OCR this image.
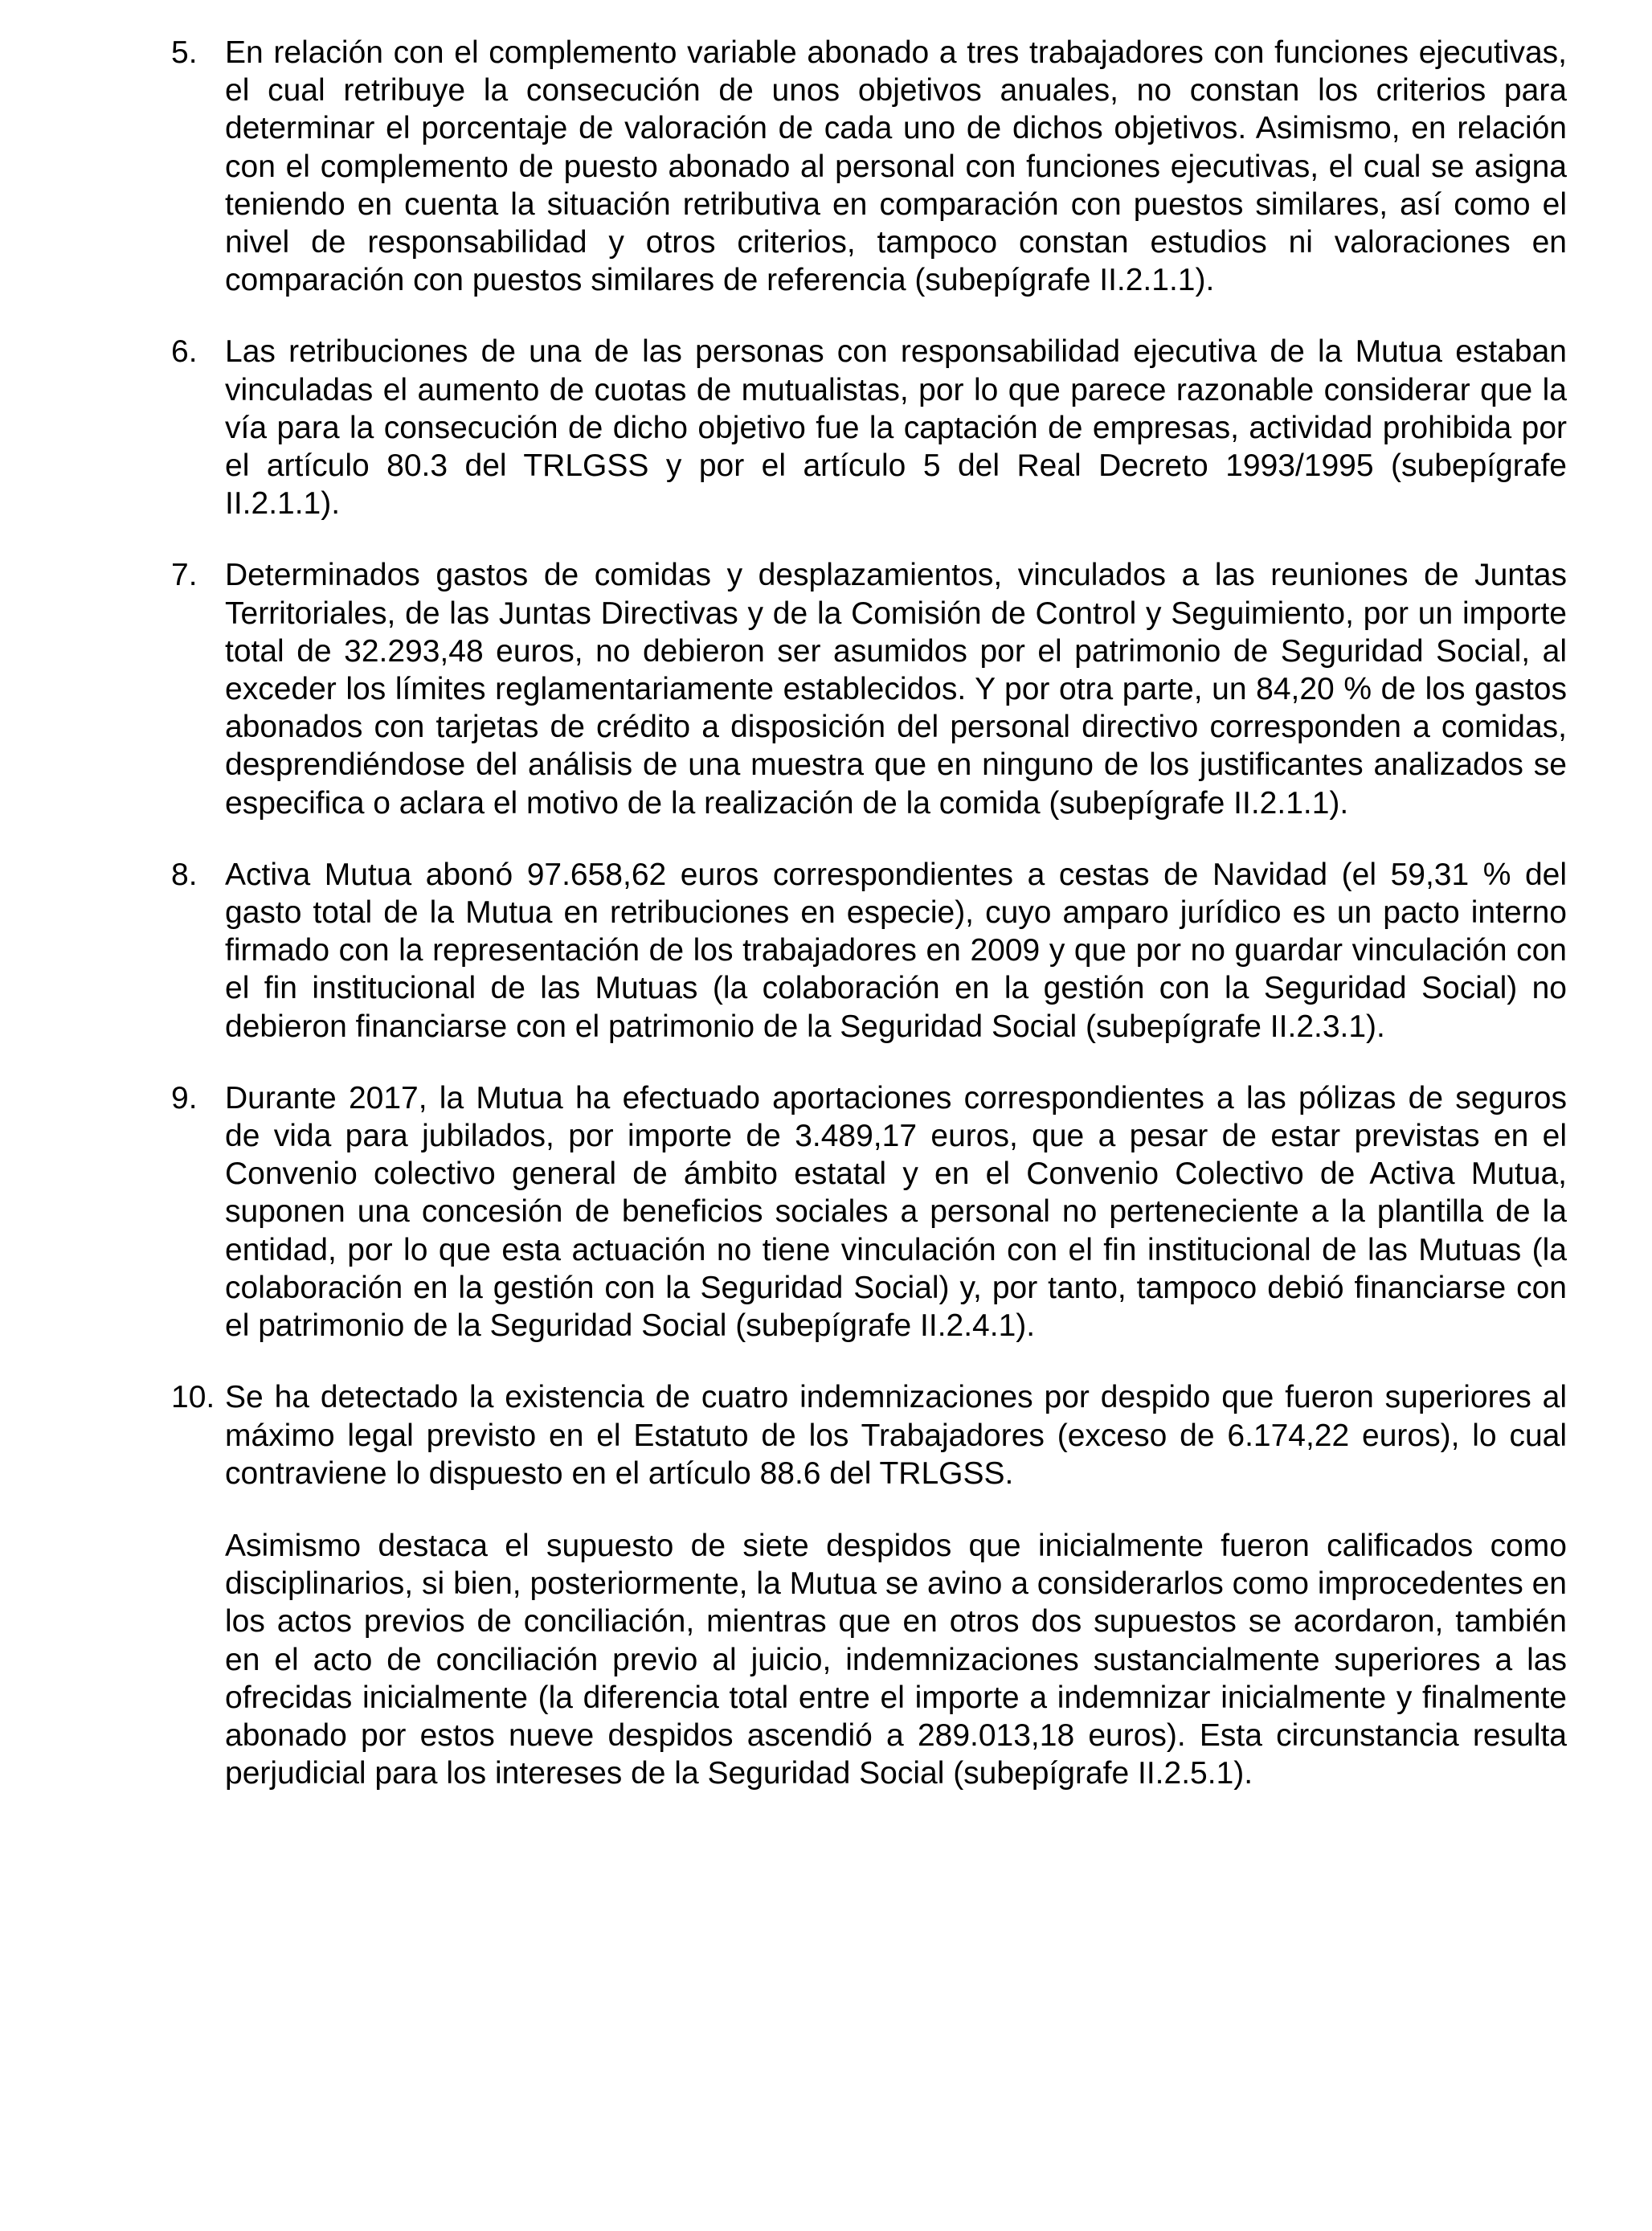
5. En relación con el complemento variable abonado a tres trabajadores con funciones ejecutivas, el cual retribuye la consecución de unos objetivos anuales, no constan los criterios para determinar el porcentaje de valoración de cada uno de dichos objetivos. Asimismo, en relación con el complemento de puesto abonado al personal con funciones ejecutivas, el cual se asigna teniendo en cuenta la situación retributiva en comparación con puestos similares, así como el nivel de responsabilidad y otros criterios, tampoco constan estudios ni valoraciones en comparación con puestos similares de referencia (subepígrafe II.2.1.1).
6. Las retribuciones de una de las personas con responsabilidad ejecutiva de la Mutua estaban vinculadas el aumento de cuotas de mutualistas, por lo que parece razonable considerar que la vía para la consecución de dicho objetivo fue la captación de empresas, actividad prohibida por el artículo 80.3 del TRLGSS y por el artículo 5 del Real Decreto 1993/1995 (subepígrafe II.2.1.1).
7. Determinados gastos de comidas y desplazamientos, vinculados a las reuniones de Juntas Territoriales, de las Juntas Directivas y de la Comisión de Control y Seguimiento, por un importe total de 32.293,48 euros, no debieron ser asumidos por el patrimonio de Seguridad Social, al exceder los límites reglamentariamente establecidos. Y por otra parte, un 84,20 % de los gastos abonados con tarjetas de crédito a disposición del personal directivo corresponden a comidas, desprendiéndose del análisis de una muestra que en ninguno de los justificantes analizados se especifica o aclara el motivo de la realización de la comida (subepígrafe II.2.1.1).
8. Activa Mutua abonó 97.658,62 euros correspondientes a cestas de Navidad (el 59,31 % del gasto total de la Mutua en retribuciones en especie), cuyo amparo jurídico es un pacto interno firmado con la representación de los trabajadores en 2009 y que por no guardar vinculación con el fin institucional de las Mutuas (la colaboración en la gestión con la Seguridad Social) no debieron financiarse con el patrimonio de la Seguridad Social (subepígrafe II.2.3.1).
9. Durante 2017, la Mutua ha efectuado aportaciones correspondientes a las pólizas de seguros de vida para jubilados, por importe de 3.489,17 euros, que a pesar de estar previstas en el Convenio colectivo general de ámbito estatal y en el Convenio Colectivo de Activa Mutua, suponen una concesión de beneficios sociales a personal no perteneciente a la plantilla de la entidad, por lo que esta actuación no tiene vinculación con el fin institucional de las Mutuas (la colaboración en la gestión con la Seguridad Social) y, por tanto, tampoco debió financiarse con el patrimonio de la Seguridad Social (subepígrafe II.2.4.1).
10. Se ha detectado la existencia de cuatro indemnizaciones por despido que fueron superiores al máximo legal previsto en el Estatuto de los Trabajadores (exceso de 6.174,22 euros), lo cual contraviene lo dispuesto en el artículo 88.6 del TRLGSS.
Asimismo destaca el supuesto de siete despidos que inicialmente fueron calificados como disciplinarios, si bien, posteriormente, la Mutua se avino a considerarlos como improcedentes en los actos previos de conciliación, mientras que en otros dos supuestos se acordaron, también en el acto de conciliación previo al juicio, indemnizaciones sustancialmente superiores a las ofrecidas inicialmente (la diferencia total entre el importe a indemnizar inicialmente y finalmente abonado por estos nueve despidos ascendió a 289.013,18 euros). Esta circunstancia resulta perjudicial para los intereses de la Seguridad Social (subepígrafe II.2.5.1).
